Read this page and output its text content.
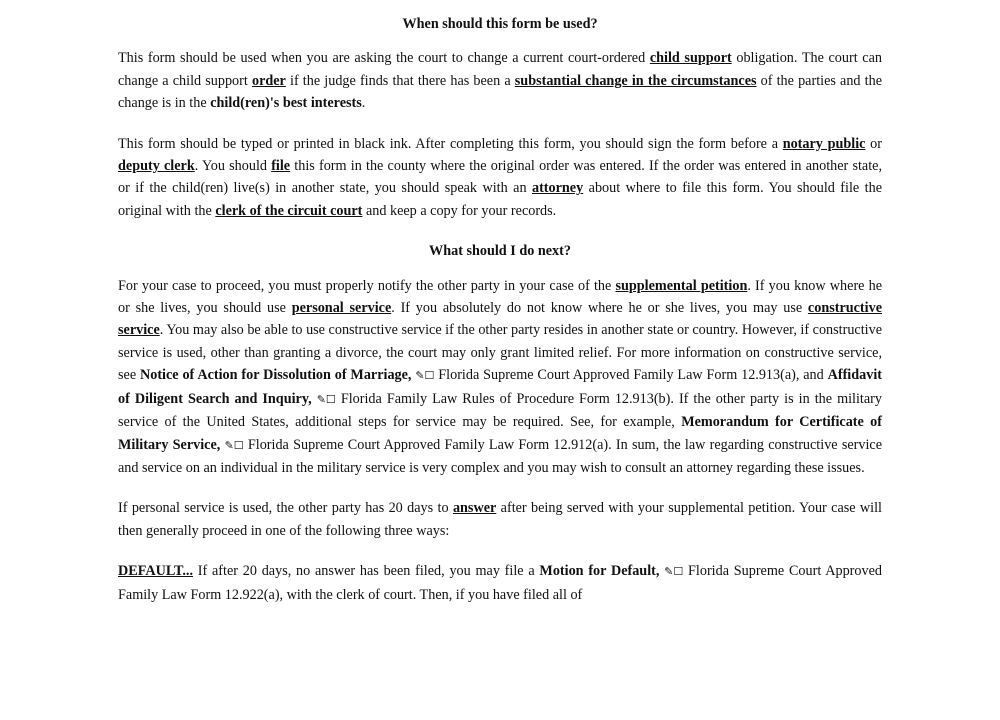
When should this form be used?

This form should be used when you are asking the court to change a current court-ordered child support obligation. The court can change a child support order if the judge finds that there has been a substantial change in the circumstances of the parties and the change is in the child(ren)'s best interests.

This form should be typed or printed in black ink. After completing this form, you should sign the form before a notary public or deputy clerk. You should file this form in the county where the original order was entered. If the order was entered in another state, or if the child(ren) live(s) in another state, you should speak with an attorney about where to file this form. You should file the original with the clerk of the circuit court and keep a copy for your records.

What should I do next?

For your case to proceed, you must properly notify the other party in your case of the supplemental petition. If you know where he or she lives, you should use personal service. If you absolutely do not know where he or she lives, you may use constructive service. You may also be able to use constructive service if the other party resides in another state or country. However, if constructive service is used, other than granting a divorce, the court may only grant limited relief. For more information on constructive service, see Notice of Action for Dissolution of Marriage, ✎☐ Florida Supreme Court Approved Family Law Form 12.913(a), and Affidavit of Diligent Search and Inquiry, ✎☐ Florida Family Law Rules of Procedure Form 12.913(b). If the other party is in the military service of the United States, additional steps for service may be required. See, for example, Memorandum for Certificate of Military Service, ✎☐ Florida Supreme Court Approved Family Law Form 12.912(a). In sum, the law regarding constructive service and service on an individual in the military service is very complex and you may wish to consult an attorney regarding these issues.

If personal service is used, the other party has 20 days to answer after being served with your supplemental petition. Your case will then generally proceed in one of the following three ways:

DEFAULT... If after 20 days, no answer has been filed, you may file a Motion for Default, ✎☐ Florida Supreme Court Approved Family Law Form 12.922(a), with the clerk of court. Then, if you have filed all of
